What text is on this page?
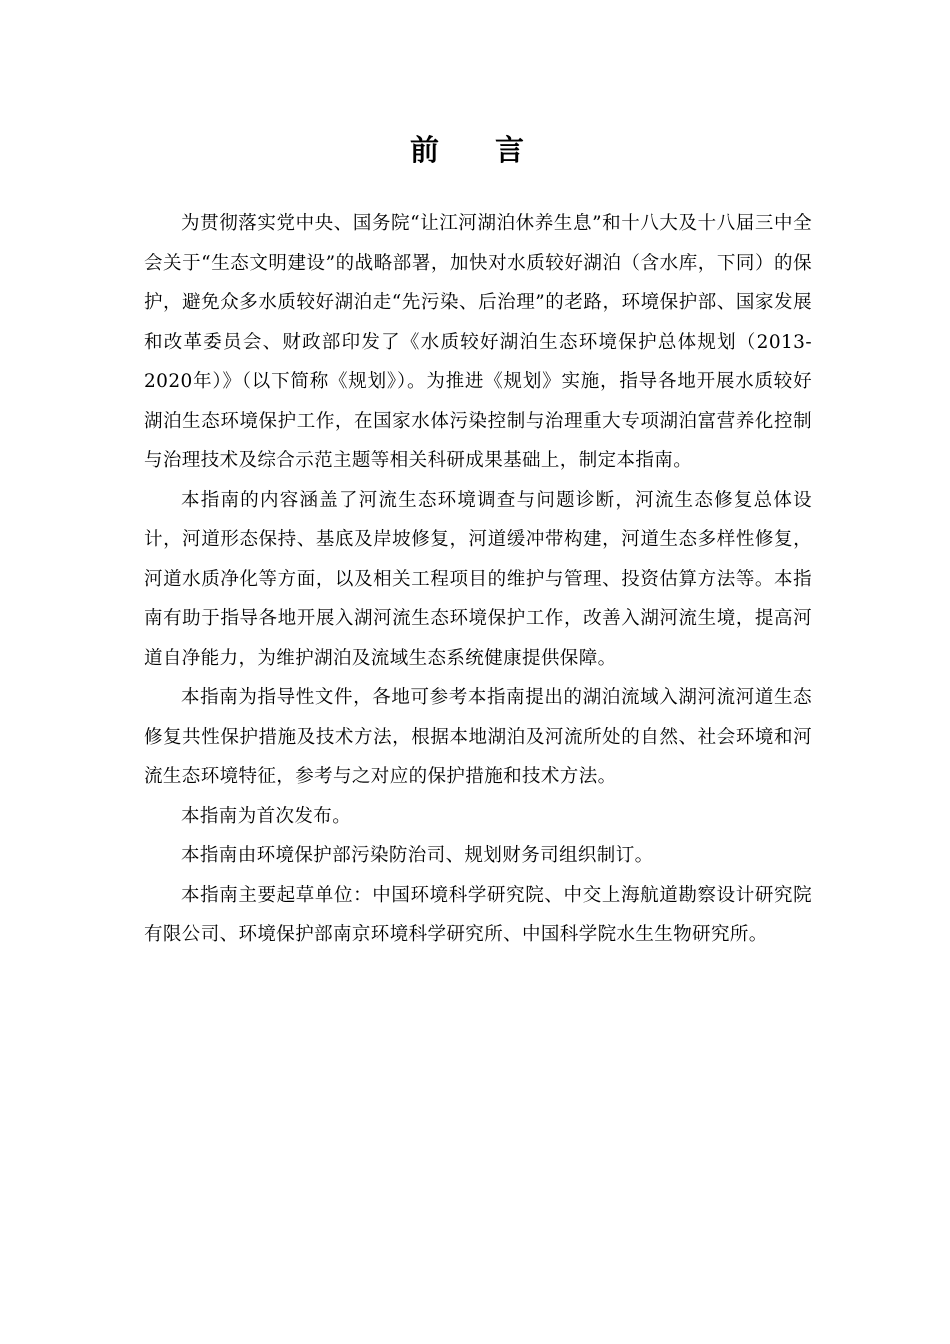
前言

为贯彻落实党中央、国务院“让江河湖泊休养生息”和十八大及十八届三中全会关于“生态文明建设”的战略部署，加快对水质较好湖泊（含水库，下同）的保护，避免众多水质较好湖泊走“先污染、后治理”的老路，环境保护部、国家发展和改革委员会、财政部印发了《水质较好湖泊生态环境保护总体规划（2013-2020年）》（以下简称《规划》）。为推进《规划》实施，指导各地开展水质较好湖泊生态环境保护工作，在国家水体污染控制与治理重大专项湖泊富营养化控制与治理技术及综合示范主题等相关科研成果基础上，制定本指南。

本指南的内容涵盖了河流生态环境调查与问题诊断，河流生态修复总体设计，河道形态保持、基底及岸坡修复，河道缓冲带构建，河道生态多样性修复，河道水质净化等方面，以及相关工程项目的维护与管理、投资估算方法等。本指南有助于指导各地开展入湖河流生态环境保护工作，改善入湖河流生境，提高河道自净能力，为维护湖泊及流域生态系统健康提供保障。

本指南为指导性文件，各地可参考本指南提出的湖泊流域入湖河流河道生态修复共性保护措施及技术方法，根据本地湖泊及河流所处的自然、社会环境和河流生态环境特征，参考与之对应的保护措施和技术方法。

本指南为首次发布。

本指南由环境保护部污染防治司、规划财务司组织制订。

本指南主要起草单位：中国环境科学研究院、中交上海航道勘察设计研究院有限公司、环境保护部南京环境科学研究所、中国科学院水生生物研究所。
